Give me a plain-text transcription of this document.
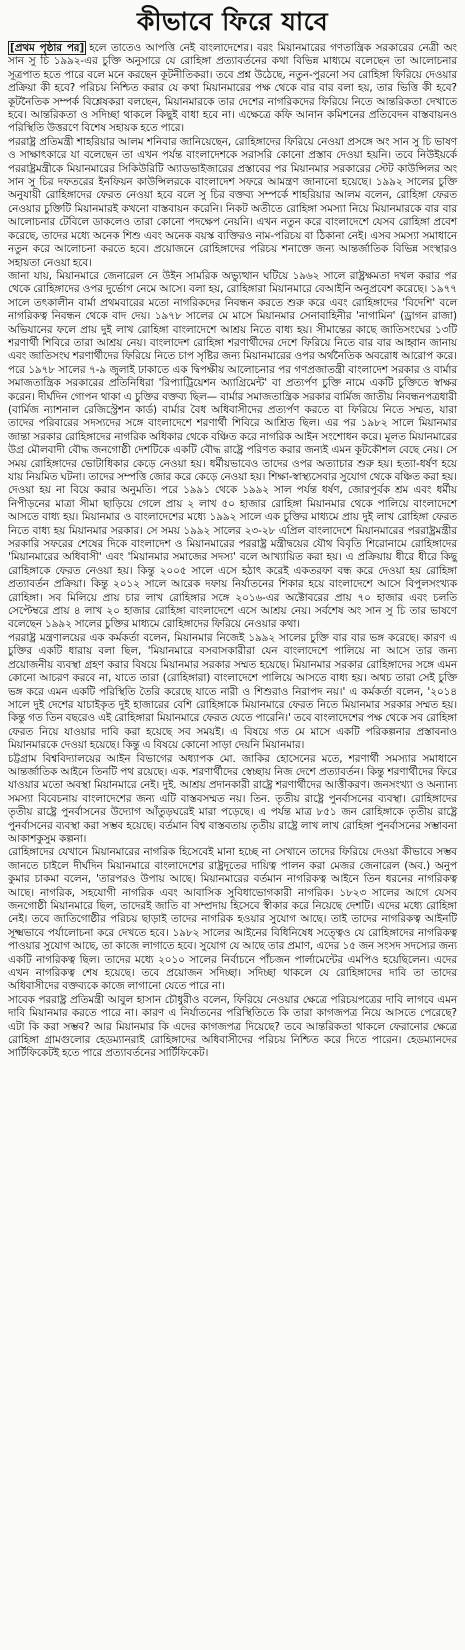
কীভাবে ফিরে যাবে

[প্রথম পৃষ্ঠার পর] হলে তাতেও আপত্তি নেই বাংলাদেশের। বরং মিয়ানমারের গণতান্ত্রিক সরকারের নেত্রী অং সান সু চি ১৯৯২-এর চুক্তি অনুসারে যে রোহিঙ্গা প্রত্যাবর্তনের কথা বিভিন্ন মাধ্যমে বলেছেন তা আলোচনার সূত্রপাত হতে পারে বলে মনে করছেন কূটনীতিকরা। তবে প্রশ্ন উঠেছে, নতুন-পুরনো সব রোহিঙ্গা ফিরিয়ে দেওয়ার প্রক্রিয়া কী হবে? পরিচয় নিশ্চিত করার যে কথা মিয়ানমারের পক্ষ থেকে বার বার বলা হয়, তার ভিত্তি কী হবে? কূটনৈতিক সম্পর্ক বিশ্লেষকরা বলছেন, মিয়ানমারকে তার দেশের নাগরিকদের ফিরিয়ে নিতে আন্তরিকতা দেখাতে হবে। আন্তরিকতা ও সদিচ্ছা থাকলে কিছুই বাধা হবে না। এক্ষেত্রে কফি আনান কমিশনের প্রতিবেদন বাস্তবায়নও পরিস্থিতি উত্তরণে বিশেষ সহায়ক হতে পারে।

পররাষ্ট্র প্রতিমন্ত্রী শাহরিয়ার আলম শনিবার জানিয়েছেন, রোহিঙ্গাদের ফিরিয়ে নেওয়া প্রসঙ্গে অং সান সু চি ভাষণ ও সাক্ষাৎকারে যা বলেছেন তা এখন পর্যন্ত বাংলাদেশকে সরাসরি কোনো প্রস্তাব দেওয়া হয়নি। তবে নিউইয়র্কে পররাষ্ট্রমন্ত্রীকে মিয়ানমারের সিকিউরিটি অ্যাডভাইজারের প্রস্তাবের পর মিয়ানমার সরকারের স্টেট কাউন্সিলর অং সান সু চির দফতরের ইনফিয়ন কাউন্সিলরকে বাংলাদেশ সফরে আমন্ত্রণ জানানো হয়েছে। ১৯৯২ সালের চুক্তি অনুযায়ী রোহিঙ্গাদের ফেরত নেওয়া হবে বলে সু চির বক্তব্য সম্পর্কে শাহরিয়ার আলম বলেন, রোহিঙ্গা ফেরত নেওয়ার চুক্তিটি মিয়ানমারই কখনো বাস্তবায়ন করেনি। নিকট অতীতে রোহিঙ্গা সমস্যা নিয়ে মিয়ানমারকে বার বার আলোচনার টেবিলে ডাকলেও তারা কোনো পদক্ষেপ নেয়নি। এখন নতুন করে বাংলাদেশে যেসব রোহিঙ্গা প্রবেশ করেছে, তাদের মধ্যে অনেক শিশু এবং অনেক বয়স্ক ব্যক্তিরও নাম-পরিচয় বা ঠিকানা নেই। এসব সমস্যা সমাধানে নতুন করে আলোচনা করতে হবে। প্রয়োজনে রোহিঙ্গাদের পরিচয় শনাক্তে জন্য আন্তর্জাতিক বিভিন্ন সংস্থারও সহায়তা নেওয়া হবে।

জানা যায়, মিয়ানমারে জেনারেল নে উইন সামরিক অভ্যুত্থান ঘটিয়ে ১৯৬২ সালে রাষ্ট্রক্ষমতা দখল করার পর থেকে রোহিঙ্গাদের ওপর দুর্ভোগ নেমে আসে। বলা হয়, রোহিঙ্গারা মিয়ানমারে বেআইনি অনুপ্রবেশ করেছে। ১৯৭৭ সালে তৎকালীন বার্মা প্রথমবারের মতো নাগরিকদের নিবন্ধন করতে শুরু করে এবং রোহিঙ্গাদের 'বিদেশি' বলে নাগরিকত্ব নিবন্ধন থেকে বাদ দেয়। ১৯৭৮ সালের মে মাসে মিয়ানমার সেনাবাহিনীর 'নাগামিন' (ড্রাগন রাজা) অভিযানের ফলে প্রায় দুই লাখ রোহিঙ্গা বাংলাদেশে আশ্রয় নিতে বাধ্য হয়। সীমান্তের কাছে জাতিসংঘের ১৩টি শরণার্থী শিবিরে তারা আশ্রয় নেয়। বাংলাদেশ রোহিঙ্গা শরণার্থীদের দেশে ফিরিয়ে নিতে বার বার আহ্বান জানায় এবং জাতিসংঘ শরণার্থীদের ফিরিয়ে নিতে চাপ সৃষ্টির জন্য মিয়ানমারের ওপর অর্থনৈতিক অবরোধ আরোপ করে। পরে ১৯৭৮ সালের ৭-৯ জুলাই ঢাকাতে এক দ্বিপক্ষীয় আলোচনার পর গণপ্রজাতন্ত্রী বাংলাদেশ সরকার ও বার্মার সমাজতান্ত্রিক সরকারের প্রতিনিধিরা 'রিপ্যাট্রিয়েশন অ্যাগ্রিমেন্ট' বা প্রত্যর্পণ চুক্তি নামে একটি চুক্তিতে স্বাক্ষর করেন। দীর্ঘদিন গোপন থাকা এ চুক্তির বক্তব্য ছিল— বার্মার সমাজতান্ত্রিক সরকার বার্মিজ জাতীয় নিবন্ধনপত্রধারী (বার্মিজ ন্যাশনাল রেজিস্ট্রেশন কার্ড) বার্মার বৈধ অধিবাসীদের প্রত্যর্পণ করতে বা ফিরিয়ে নিতে সম্মত, যারা তাদের পরিবারের সদস্যদের সঙ্গে বাংলাদেশে শরণার্থী শিবিরে আশ্রিত ছিল। এর পর ১৯৮২ সালে মিয়ানমার জান্তা সরকার রোহিঙ্গাদের নাগরিক অধিকার থেকে বঞ্চিত করে নাগরিক আইন সংশোধন করে। মূলত মিয়ানমারের উগ্র মৌলবাদী বৌদ্ধ জনগোষ্ঠী দেশটিকে একটি বৌদ্ধ রাষ্ট্রে পরিণত করার জন্যই এমন কূটকৌশল বেছে নেয়। সে সময় রোহিঙ্গাদের ভোটাধিকার কেড়ে নেওয়া হয়। ধর্মীয়ভাবেও তাদের ওপর অত্যাচার শুরু হয়। হত্যা-ধর্ষণ হয়ে যায় নিয়মিত ঘটনা। তাদের সম্পত্তি জোর করে কেড়ে নেওয়া হয়। শিক্ষা-স্বাস্থ্যসেবার সুযোগ থেকে বঞ্চিত করা হয়। দেওয়া হয় না বিয়ে করার অনুমতি। পরে ১৯৯১ থেকে ১৯৯২ সাল পর্যন্ত ধর্ষণ, জোরপূর্বক শ্রম এবং ধর্মীয় নিপীড়নের মাত্রা সীমা ছাড়িয়ে গেলে প্রায় ২ লাখ ৫০ হাজার রোহিঙ্গা মিয়ানমার থেকে পালিয়ে বাংলাদেশে আসতে বাধ্য হয়। মিয়ানমার ও বাংলাদেশের মধ্যে ১৯৯২ সালে এক চুক্তির মাধ্যমে প্রায় দুই লাখ রোহিঙ্গা ফেরত নিতে বাধ্য হয় মিয়ানমার সরকার। সে সময় ১৯৯২ সালের ২৩-২৮ এপ্রিল বাংলাদেশে মিয়ানমারের পররাষ্ট্রমন্ত্রীর সরকারি সফরের শেষের দিকে বাংলাদেশ ও মিয়ানমারের পররাষ্ট্র মন্ত্রীদ্বয়ের যৌথ বিবৃতি শিরোনামে রোহিঙ্গাদের 'মিয়ানমারের অধিবাসী' এবং 'মিয়ানমার সমাজের সদস্য' বলে আখ্যায়িত করা হয়। এ প্রক্রিয়ায় ধীরে ধীরে কিছু রোহিঙ্গাকে ফেরত নেওয়া হয়। কিন্তু ২০০৫ সালে এসে হঠাৎ করেই একতরফা বন্ধ করে দেওয়া হয় রোহিঙ্গা প্রত্যাবর্তন প্রক্রিয়া। কিন্তু ২০১২ সালে আরেক দফায় নির্যাতনের শিকার হয়ে বাংলাদেশে আসে বিপুলসংখ্যক রোহিঙ্গা। সব মিলিয়ে প্রায় চার লাখ রোহিঙ্গার সঙ্গে ২০১৬-এর অক্টোবরের প্রায় ৭০ হাজার এবং চলতি সেপ্টেম্বরে প্রায় ৪ লাখ ২০ হাজার রোহিঙ্গা বাংলাদেশে এসে আশ্রয় নেয়। সর্বশেষ অং সান সু চি তার ভাষণে বলেছেন ১৯৯২ সালের চুক্তির মাধ্যমে রোহিঙ্গাদের ফিরিয়ে নেওয়ার কথা।

পররাষ্ট্র মন্ত্রণালয়ের এক কর্মকর্তা বলেন, মিয়ানমার নিজেই ১৯৯২ সালের চুক্তি বার বার ভঙ্গ করেছে। কারণ এ চুক্তির একটি ধারায় বলা ছিল, 'মিয়ানমারে বসবাসকারীরা যেন বাংলাদেশে পালিয়ে না আসে তার জন্য প্রয়োজনীয় ব্যবস্থা গ্রহণ করার বিষয়ে মিয়ানমার সরকার সম্মত হয়েছে। মিয়ানমার সরকার রোহিঙ্গাদের সঙ্গে এমন কোনো আচরণ করবে না, যাতে তারা (রোহিঙ্গারা) বাংলাদেশে পালিয়ে আসতে বাধ্য হয়। অথচ তারা সেই চুক্তি ভঙ্গ করে এমন একটি পরিস্থিতি তৈরি করেছে যাতে নারী ও শিশুরাও নিরাপদ নয়।' এ কর্মকর্তা বলেন, '২০১৪ সালে দুই দেশের যাচাইকৃত দুই হাজারের বেশি রোহিঙ্গাকে মিয়ানমারে ফেরত নিতে মিয়ানমার সরকার সম্মত হয়। কিন্তু গত তিন বছরেও এই রোহিঙ্গারা মিয়ানমারে ফেরত যেতে পারেনি।' তবে বাংলাদেশের পক্ষ থেকে সব রোহিঙ্গা ফেরত নিয়ে যাওয়ার দাবি করা হয়েছে সব সময়ই। এ বিষয়ে গত মে মাসে একটি পরিকল্পনার প্রস্তাবনাও মিয়ানমারকে দেওয়া হয়েছে। কিন্তু এ বিষয়ে কোনো সাড়া দেয়নি মিয়ানমার।

চট্টগ্রাম বিশ্ববিদ্যালয়ের আইন বিভাগের অধ্যাপক মো. জাকির হোসেনের মতে, শরণার্থী সমস্যার সমাধানে আন্তর্জাতিক আইনে তিনটি পথ রয়েছে। এক. শরণার্থীদের স্বেচ্ছায় নিজ দেশে প্রত্যাবর্তন। কিন্তু শরণার্থীদের ফিরে যাওয়ার মতো অবস্থা মিয়ানমারে নেই। দুই. আশ্রয় প্রদানকারী রাষ্ট্রে শরণার্থীদের আত্তীকরণ। জনসংখ্যা ও অন্যান্য সমস্যা বিবেচনায় বাংলাদেশের জন্য এটি বাস্তবসম্মত নয়। তিন. তৃতীয় রাষ্ট্রে পুনর্বাসনের ব্যবস্থা। রোহিঙ্গাদের তৃতীয় রাষ্ট্রে পুনর্বাসনের উদ্যোগ আঁতুড়ঘরেই মারা পড়েছে। এ পর্যন্ত মাত্র ৮৫১ জন রোহিঙ্গাকে তৃতীয় রাষ্ট্রে পুনর্বাসনের ব্যবস্থা করা সম্ভব হয়েছে। বর্তমান বিশ্ব বাস্তবতায় তৃতীয় রাষ্ট্রে লাখ লাখ রোহিঙ্গা পুনর্বাসনের সম্ভাবনা আকাশকুসুম কল্পনা।

রোহিঙ্গাদের যেখানে মিয়ানমারের নাগরিক হিসেবেই মানা হচ্ছে না সেখানে তাদের ফিরিয়ে দেওয়া কীভাবে সম্ভব জানতে চাইলে দীর্ঘদিন মিয়ানমারে বাংলাদেশের রাষ্ট্রদূতের দায়িত্ব পালন করা মেজর জেনারেল (অব.) অনুপ কুমার চাকমা বলেন, 'তারপরও উপায় আছে। মিয়ানমারের বর্তমান নাগরিকত্ব আইনে তিন ধরনের নাগরিকত্ব আছে। নাগরিক, সহযোগী নাগরিক এবং আবাসিক সুবিধাভোগকারী নাগরিক। ১৮২৩ সালের আগে যেসব জনগোষ্ঠী মিয়ানমারে ছিল, তাদেরই জাতি বা সম্প্রদায় হিসেবে স্বীকার করে নিয়েছে দেশটি। এদের মধ্যে রোহিঙ্গা নেই। তবে জাতিগোষ্ঠীর পরিচয় ছাড়াই তাদের নাগরিক হওয়ার সুযোগ আছে। তাই তাদের নাগরিকত্ব আইনটি সূক্ষ্মভাবে পর্যালোচনা করে দেখতে হবে। ১৯৮২ সালের আইনের বিধিনিষেধ সত্ত্বেও যে রোহিঙ্গাদের নাগরিকত্ব পাওয়ার সুযোগ আছে, তা কাজে লাগাতে হবে। সুযোগ যে আছে তার প্রমাণ, এদের ১৫ জন সংসদ সদস্যের জন্য একটি নাগরিকত্ব ছিল। তাদের মধ্যে ২০১০ সালের নির্বাচনে পাঁচজন পার্লামেন্টের এমপিও হয়েছিলেন। এদের এখন নাগরিকত্ব শেষ হয়েছে। তবে প্রয়োজন সদিচ্ছা। সদিচ্ছা থাকলে যে রোহিঙ্গাদের দাবি তা তাদের অধিবাসীদের বক্তব্যকে কাজে লাগানো যেতে পারে না।

সাবেক পররাষ্ট্র প্রতিমন্ত্রী আবুল হাসান চৌধুরীও বলেন, ফিরিয়ে নেওয়ার ক্ষেত্রে পরিচয়পত্রের দাবি লাগবে এমন দাবি মিয়ানমার করতে পারে না। কারণ এ নির্যাতনের পরিস্থিতিতে কি তারা কাগজপত্র নিয়ে আসতে পেরেছে? এটা কি করা সম্ভব? আর মিয়ানমার কি এদের কাগজপত্র দিয়েছে? তবে আন্তরিকতা থাকলে ফেরানোর ক্ষেত্রে রোহিঙ্গা গ্রামগুলোর হেডম্যানরাই রোহিঙ্গাদের অধিবাসীদের পরিচয় নিশ্চিত করে দিতে পারেন। হেডম্যানদের সার্টিফিকেটই হতে পারে প্রত্যাবর্তনের সার্টিফিকেট।
